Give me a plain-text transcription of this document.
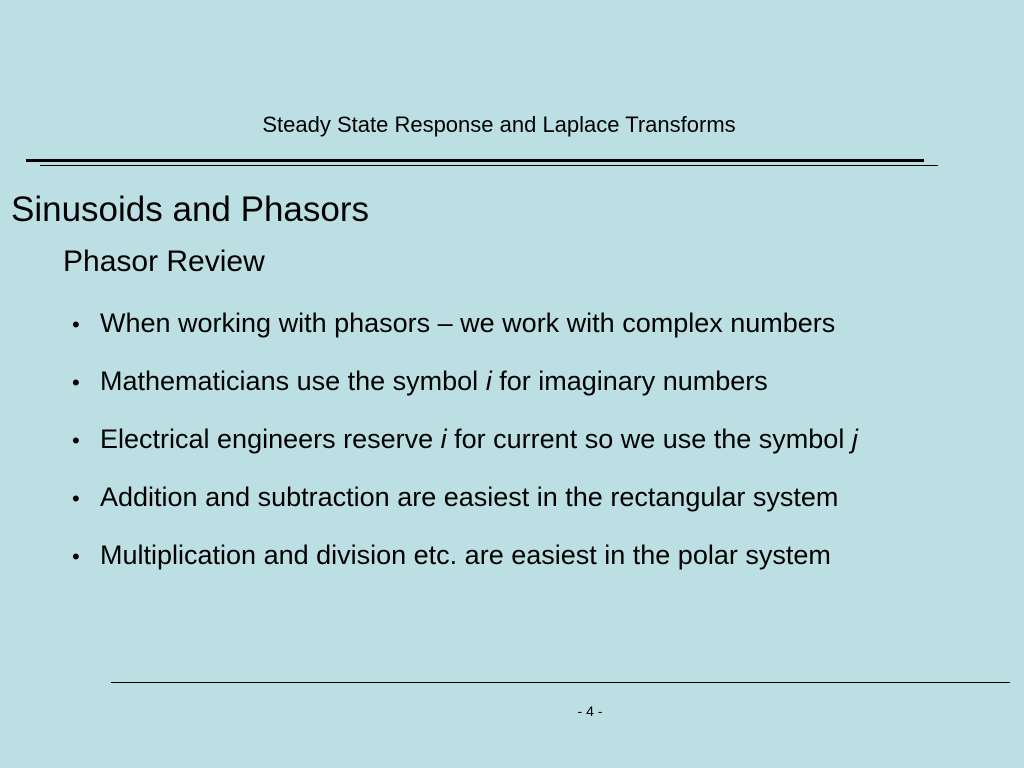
Steady State Response and Laplace Transforms
Sinusoids and Phasors
Phasor Review
• When working with phasors – we work with complex numbers
• Mathematicians use the symbol i for imaginary numbers
• Electrical engineers reserve i for current so we use the symbol j
• Addition and subtraction are easiest in the rectangular system
• Multiplication and division etc. are easiest in the polar system
- 4 -
